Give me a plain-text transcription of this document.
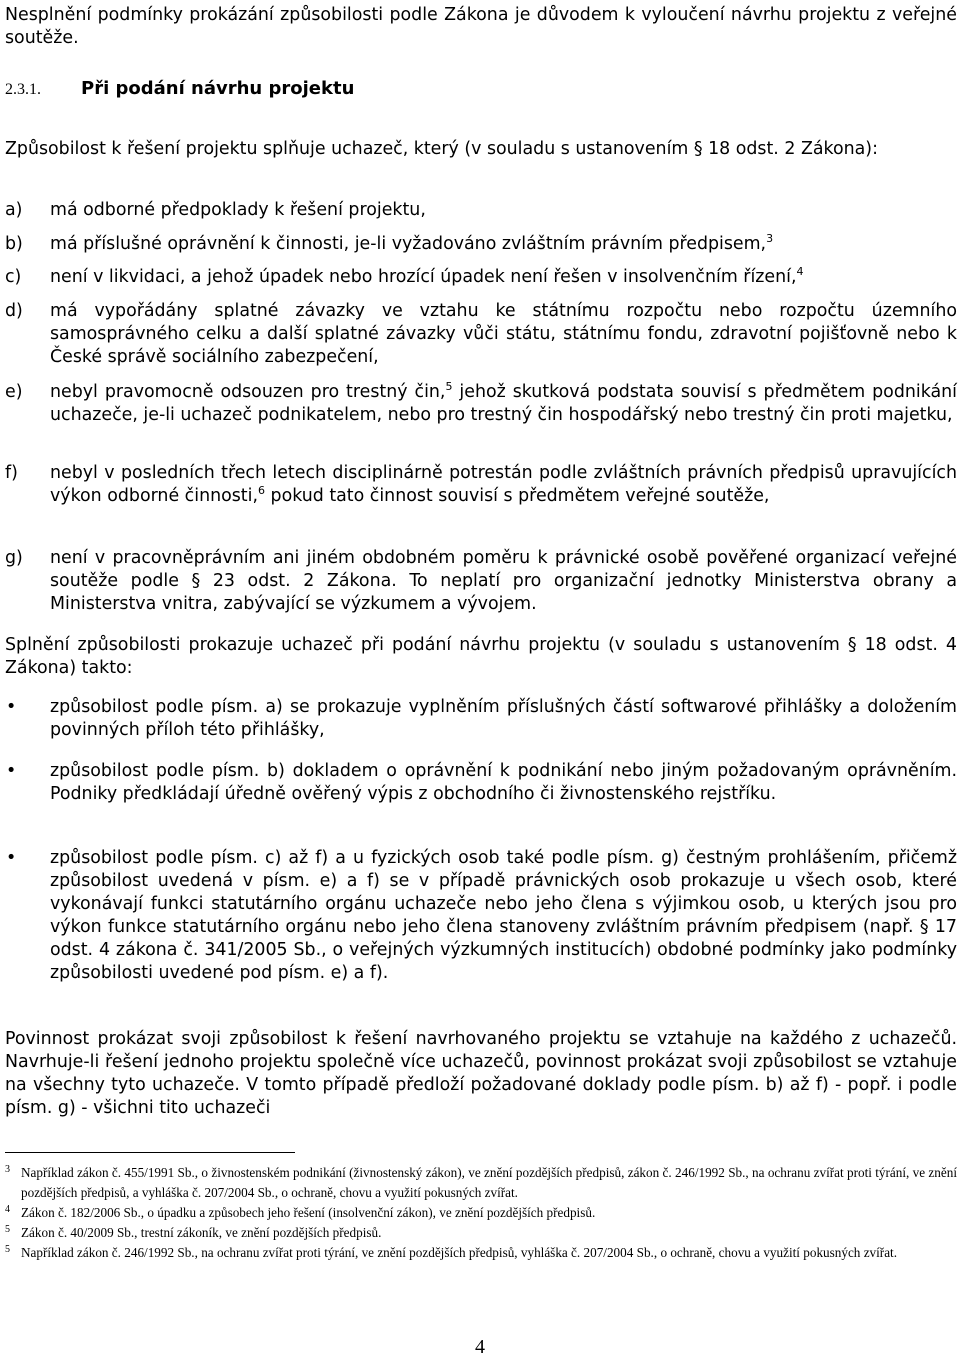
Nesplnění podmínky prokázání způsobilosti podle Zákona je důvodem k vyloučení návrhu projektu z veřejné soutěže.

2.3.1. Při podání návrhu projektu

Způsobilost k řešení projektu splňuje uchazeč, který (v souladu s ustanovením § 18 odst. 2 Zákona):

a) má odborné předpoklady k řešení projektu,

b) má příslušné oprávnění k činnosti, je-li vyžadováno zvláštním právním předpisem,$^3$

c) není v likvidaci, a jehož úpadek nebo hrozící úpadek není řešen v insolvenčním řízení,$^4$

d) má vypořádány splatné závazky ve vztahu ke státnímu rozpočtu nebo rozpočtu územního samosprávného celku a další splatné závazky vůči státu, státnímu fondu, zdravotní pojišťovně nebo k České správě sociálního zabezpečení,

e) nebyl pravomocně odsouzen pro trestný čin,$^5$ jehož skutková podstata souvisí s předmětem podnikání uchazeče, je-li uchazeč podnikatelem, nebo pro trestný čin hospodářský nebo trestný čin proti majetku,

f) nebyl v posledních třech letech disciplinárně potrestán podle zvláštních právních předpisů upravujících výkon odborné činnosti,$^6$ pokud tato činnost souvisí s předmětem veřejné soutěže,

g) není v pracovněprávním ani jiném obdobném poměru k právnické osobě pověřené organizací veřejné soutěže podle § 23 odst. 2 Zákona. To neplatí pro organizační jednotky Ministerstva obrany a Ministerstva vnitra, zabývající se výzkumem a vývojem.

Splnění způsobilosti prokazuje uchazeč při podání návrhu projektu (v souladu s ustanovením § 18 odst. 4 Zákona) takto:

• způsobilost podle písm. a) se prokazuje vyplněním příslušných částí softwarové přihlášky a doložením povinných příloh této přihlášky,

• způsobilost podle písm. b) dokladem o oprávnění k podnikání nebo jiným požadovaným oprávněním. Podniky předkládají úředně ověřený výpis z obchodního či živnostenského rejstříku.

• způsobilost podle písm. c) až f) a u fyzických osob také podle písm. g) čestným prohlášením, přičemž způsobilost uvedená v písm. e) a f) se v případě právnických osob prokazuje u všech osob, které vykonávají funkci statutárního orgánu uchazeče nebo jeho člena s výjimkou osob, u kterých jsou pro výkon funkce statutárního orgánu nebo jeho člena stanoveny zvláštním právním předpisem (např. § 17 odst. 4 zákona č. 341/2005 Sb., o veřejných výzkumných institucích) obdobné podmínky jako podmínky způsobilosti uvedené pod písm. e) a f).

Povinnost prokázat svoji způsobilost k řešení navrhovaného projektu se vztahuje na každého z uchazečů. Navrhuje-li řešení jednoho projektu společně více uchazečů, povinnost prokázat svoji způsobilost se vztahuje na všechny tyto uchazeče. V tomto případě předloží požadované doklady podle písm. b) až f) - popř. i podle písm. g) - všichni tito uchazeči

3 Například zákon č. 455/1991 Sb., o živnostenském podnikání (živnostenský zákon), ve znění pozdějších předpisů, zákon č. 246/1992 Sb., na ochranu zvířat proti týrání, ve znění pozdějších předpisů, a vyhláška č. 207/2004 Sb., o ochraně, chovu a využití pokusných zvířat.

4 Zákon č. 182/2006 Sb., o úpadku a způsobech jeho řešení (insolvenční zákon), ve znění pozdějších předpisů.

5 Zákon č. 40/2009 Sb., trestní zákoník, ve znění pozdějších předpisů.

5 Například zákon č. 246/1992 Sb., na ochranu zvířat proti týrání, ve znění pozdějších předpisů, vyhláška č. 207/2004 Sb., o ochraně, chovu a využití pokusných zvířat.

4
